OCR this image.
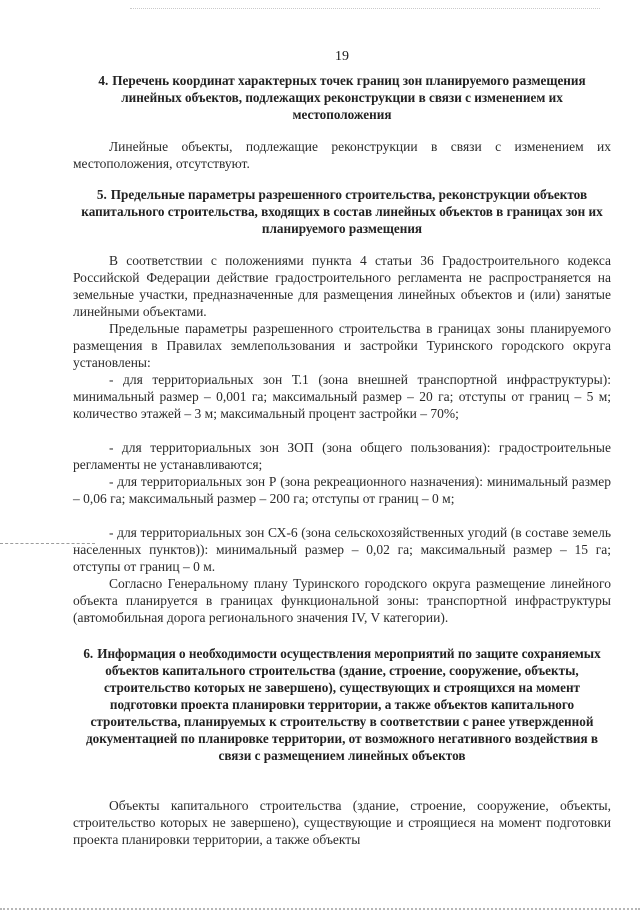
19
4. Перечень координат характерных точек границ зон планируемого размещения линейных объектов, подлежащих реконструкции в связи с изменением их местоположения
Линейные объекты, подлежащие реконструкции в связи с изменением их местоположения, отсутствуют.
5. Предельные параметры разрешенного строительства, реконструкции объектов капитального строительства, входящих в состав линейных объектов в границах зон их планируемого размещения
В соответствии с положениями пункта 4 статьи 36 Градостроительного кодекса Российской Федерации действие градостроительного регламента не распространяется на земельные участки, предназначенные для размещения линейных объектов и (или) занятые линейными объектами.
Предельные параметры разрешенного строительства в границах зоны планируемого размещения в Правилах землепользования и застройки Туринского городского округа установлены:
- для территориальных зон Т.1 (зона внешней транспортной инфраструктуры): минимальный размер – 0,001 га; максимальный размер – 20 га; отступы от границ – 5 м; количество этажей – 3 м; максимальный процент застройки – 70%;
- для территориальных зон ЗОП (зона общего пользования): градостроительные регламенты не устанавливаются;
- для территориальных зон Р (зона рекреационного назначения): минимальный размер – 0,06 га; максимальный размер – 200 га; отступы от границ – 0 м;
- для территориальных зон СХ-6 (зона сельскохозяйственных угодий (в составе земель населенных пунктов)): минимальный размер – 0,02 га; максимальный размер – 15 га; отступы от границ – 0 м.
Согласно Генеральному плану Туринского городского округа размещение линейного объекта планируется в границах функциональной зоны: транспортной инфраструктуры (автомобильная дорога регионального значения IV, V категории).
6. Информация о необходимости осуществления мероприятий по защите сохраняемых объектов капитального строительства (здание, строение, сооружение, объекты, строительство которых не завершено), существующих и строящихся на момент подготовки проекта планировки территории, а также объектов капитального строительства, планируемых к строительству в соответствии с ранее утвержденной документацией по планировке территории, от возможного негативного воздействия в связи с размещением линейных объектов
Объекты капитального строительства (здание, строение, сооружение, объекты, строительство которых не завершено), существующие и строящиеся на момент подготовки проекта планировки территории, а также объекты
